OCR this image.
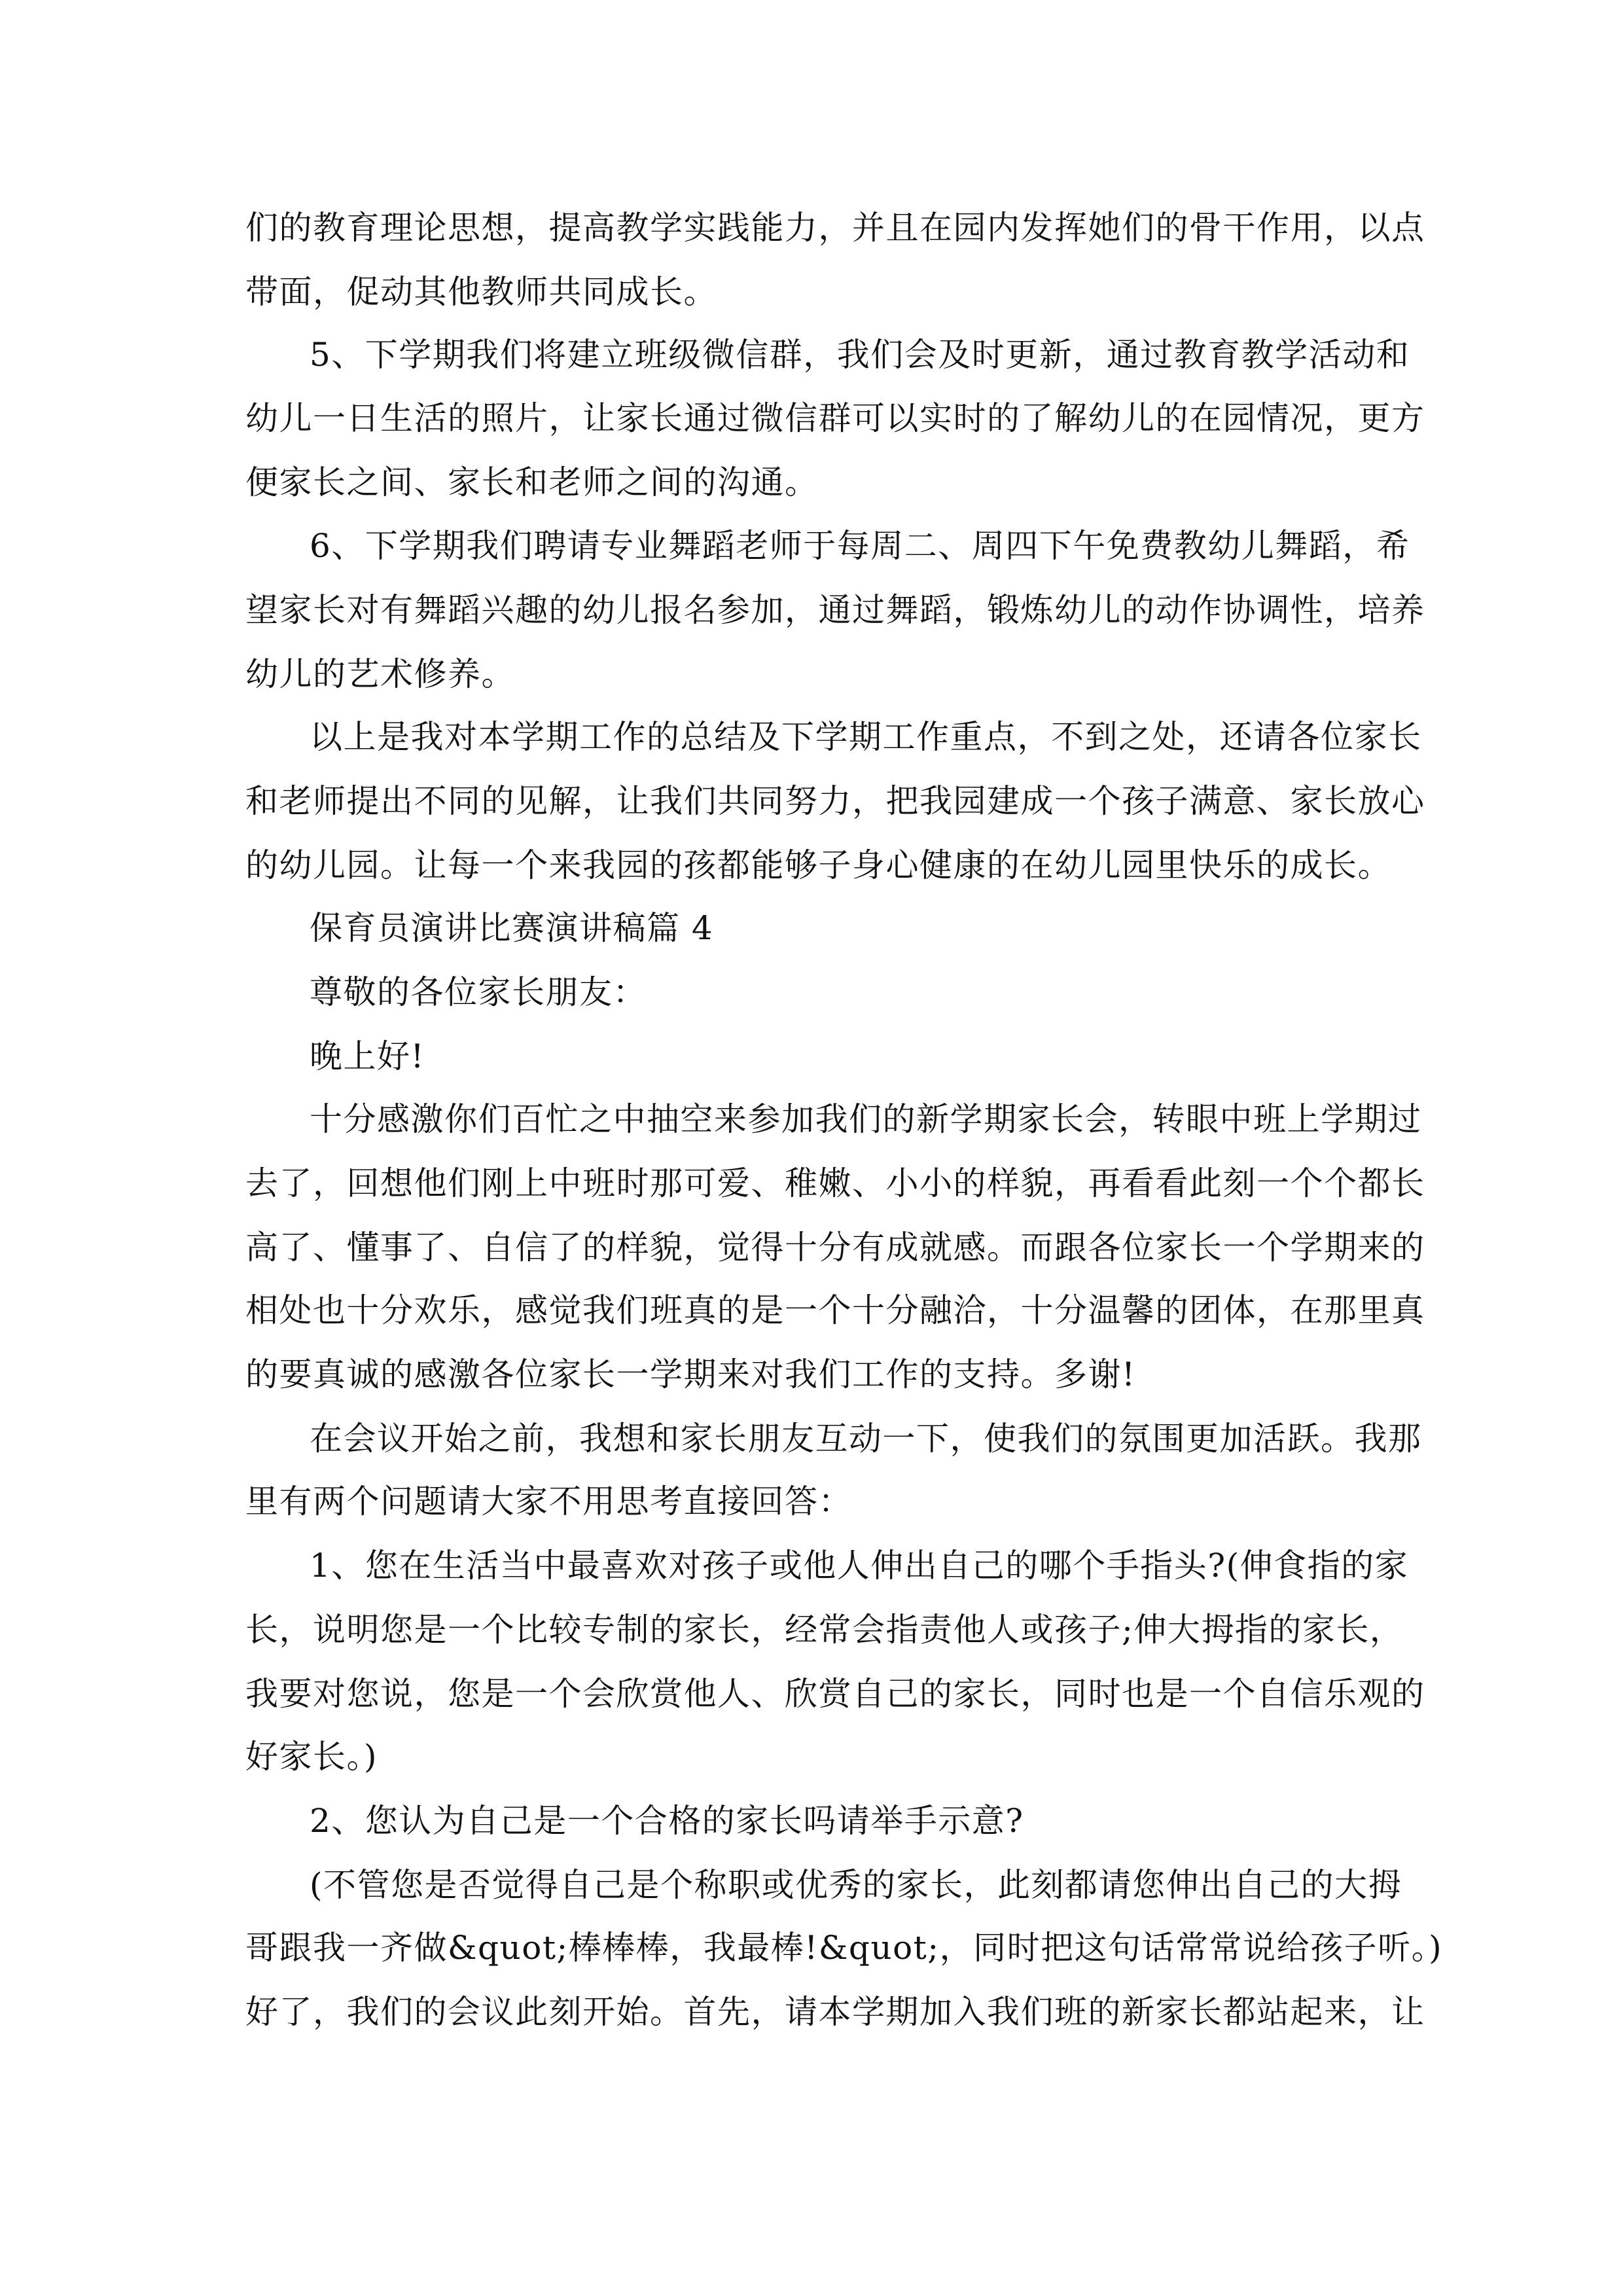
们的教育理论思想，提高教学实践能力，并且在园内发挥她们的骨干作用，以点
带面，促动其他教师共同成长。
5、下学期我们将建立班级微信群，我们会及时更新，通过教育教学活动和
幼儿一日生活的照片，让家长通过微信群可以实时的了解幼儿的在园情况，更方
便家长之间、家长和老师之间的沟通。
6、下学期我们聘请专业舞蹈老师于每周二、周四下午免费教幼儿舞蹈，希
望家长对有舞蹈兴趣的幼儿报名参加，通过舞蹈，锻炼幼儿的动作协调性，培养
幼儿的艺术修养。
以上是我对本学期工作的总结及下学期工作重点，不到之处，还请各位家长
和老师提出不同的见解，让我们共同努力，把我园建成一个孩子满意、家长放心
的幼儿园。让每一个来我园的孩都能够子身心健康的在幼儿园里快乐的成长。
保育员演讲比赛演讲稿篇 4
尊敬的各位家长朋友：
晚上好!
十分感激你们百忙之中抽空来参加我们的新学期家长会，转眼中班上学期过
去了，回想他们刚上中班时那可爱、稚嫩、小小的样貌，再看看此刻一个个都长
高了、懂事了、自信了的样貌，觉得十分有成就感。而跟各位家长一个学期来的
相处也十分欢乐，感觉我们班真的是一个十分融洽，十分温馨的团体，在那里真
的要真诚的感激各位家长一学期来对我们工作的支持。多谢!
在会议开始之前，我想和家长朋友互动一下，使我们的氛围更加活跃。我那
里有两个问题请大家不用思考直接回答：
1、您在生活当中最喜欢对孩子或他人伸出自己的哪个手指头?(伸食指的家
长，说明您是一个比较专制的家长，经常会指责他人或孩子;伸大拇指的家长，
我要对您说，您是一个会欣赏他人、欣赏自己的家长，同时也是一个自信乐观的
好家长。)
2、您认为自己是一个合格的家长吗请举手示意?
(不管您是否觉得自己是个称职或优秀的家长，此刻都请您伸出自己的大拇
哥跟我一齐做&quot;棒棒棒，我最棒!&quot;，同时把这句话常常说给孩子听。)
好了，我们的会议此刻开始。首先，请本学期加入我们班的新家长都站起来，让
